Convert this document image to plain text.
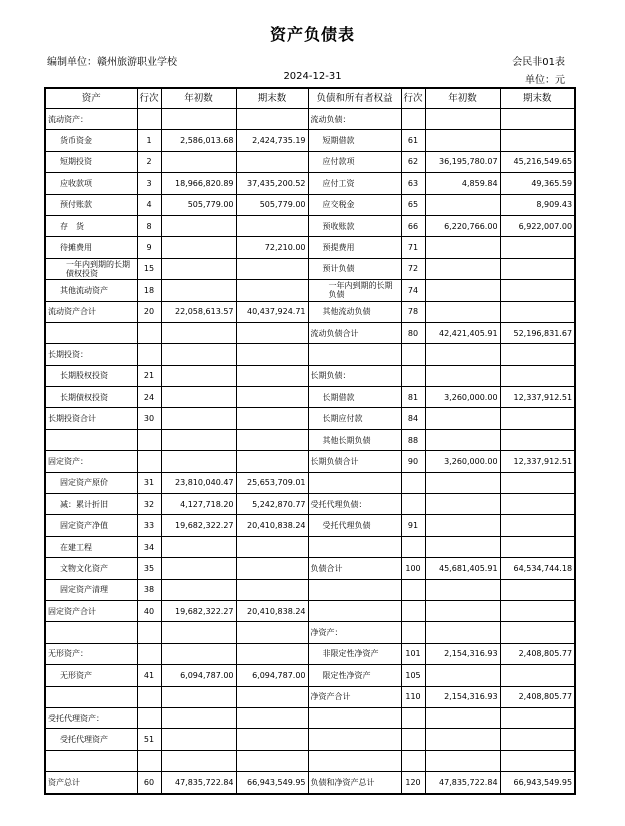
资产负债表
编制单位：赣州旅游职业学校	会民非01表
2024-12-31	单位：元
资产	行次	年初数	期末数	负债和所有者权益	行次	年初数	期末数
流动资产：				流动负债：			
货币资金	1	2,586,013.68	2,424,735.19	短期借款	61		
短期投资	2			应付款项	62	36,195,780.07	45,216,549.65
应收款项	3	18,966,820.89	37,435,200.52	应付工资	63	4,859.84	49,365.59
预付账款	4	505,779.00	505,779.00	应交税金	65		8,909.43
存　货	8			预收账款	66	6,220,766.00	6,922,007.00
待摊费用	9		72,210.00	预提费用	71		
一年内到期的长期债权投资	15			预计负债	72		
其他流动资产	18			一年内到期的长期负债	74		
流动资产合计	20	22,058,613.57	40,437,924.71	其他流动负债	78		
				流动负债合计	80	42,421,405.91	52,196,831.67
长期投资：							
长期股权投资	21			长期负债：			
长期债权投资	24			长期借款	81	3,260,000.00	12,337,912.51
长期投资合计	30			长期应付款	84		
				其他长期负债	88		
固定资产：				长期负债合计	90	3,260,000.00	12,337,912.51
固定资产原价	31	23,810,040.47	25,653,709.01				
减：累计折旧	32	4,127,718.20	5,242,870.77	受托代理负债：			
固定资产净值	33	19,682,322.27	20,410,838.24	受托代理负债	91		
在建工程	34						
文物文化资产	35			负债合计	100	45,681,405.91	64,534,744.18
固定资产清理	38						
固定资产合计	40	19,682,322.27	20,410,838.24				
				净资产：			
无形资产：				非限定性净资产	101	2,154,316.93	2,408,805.77
无形资产	41	6,094,787.00	6,094,787.00	限定性净资产	105		
				净资产合计	110	2,154,316.93	2,408,805.77
受托代理资产：							
受托代理资产	51						

资产总计	60	47,835,722.84	66,943,549.95	负债和净资产总计	120	47,835,722.84	66,943,549.95
